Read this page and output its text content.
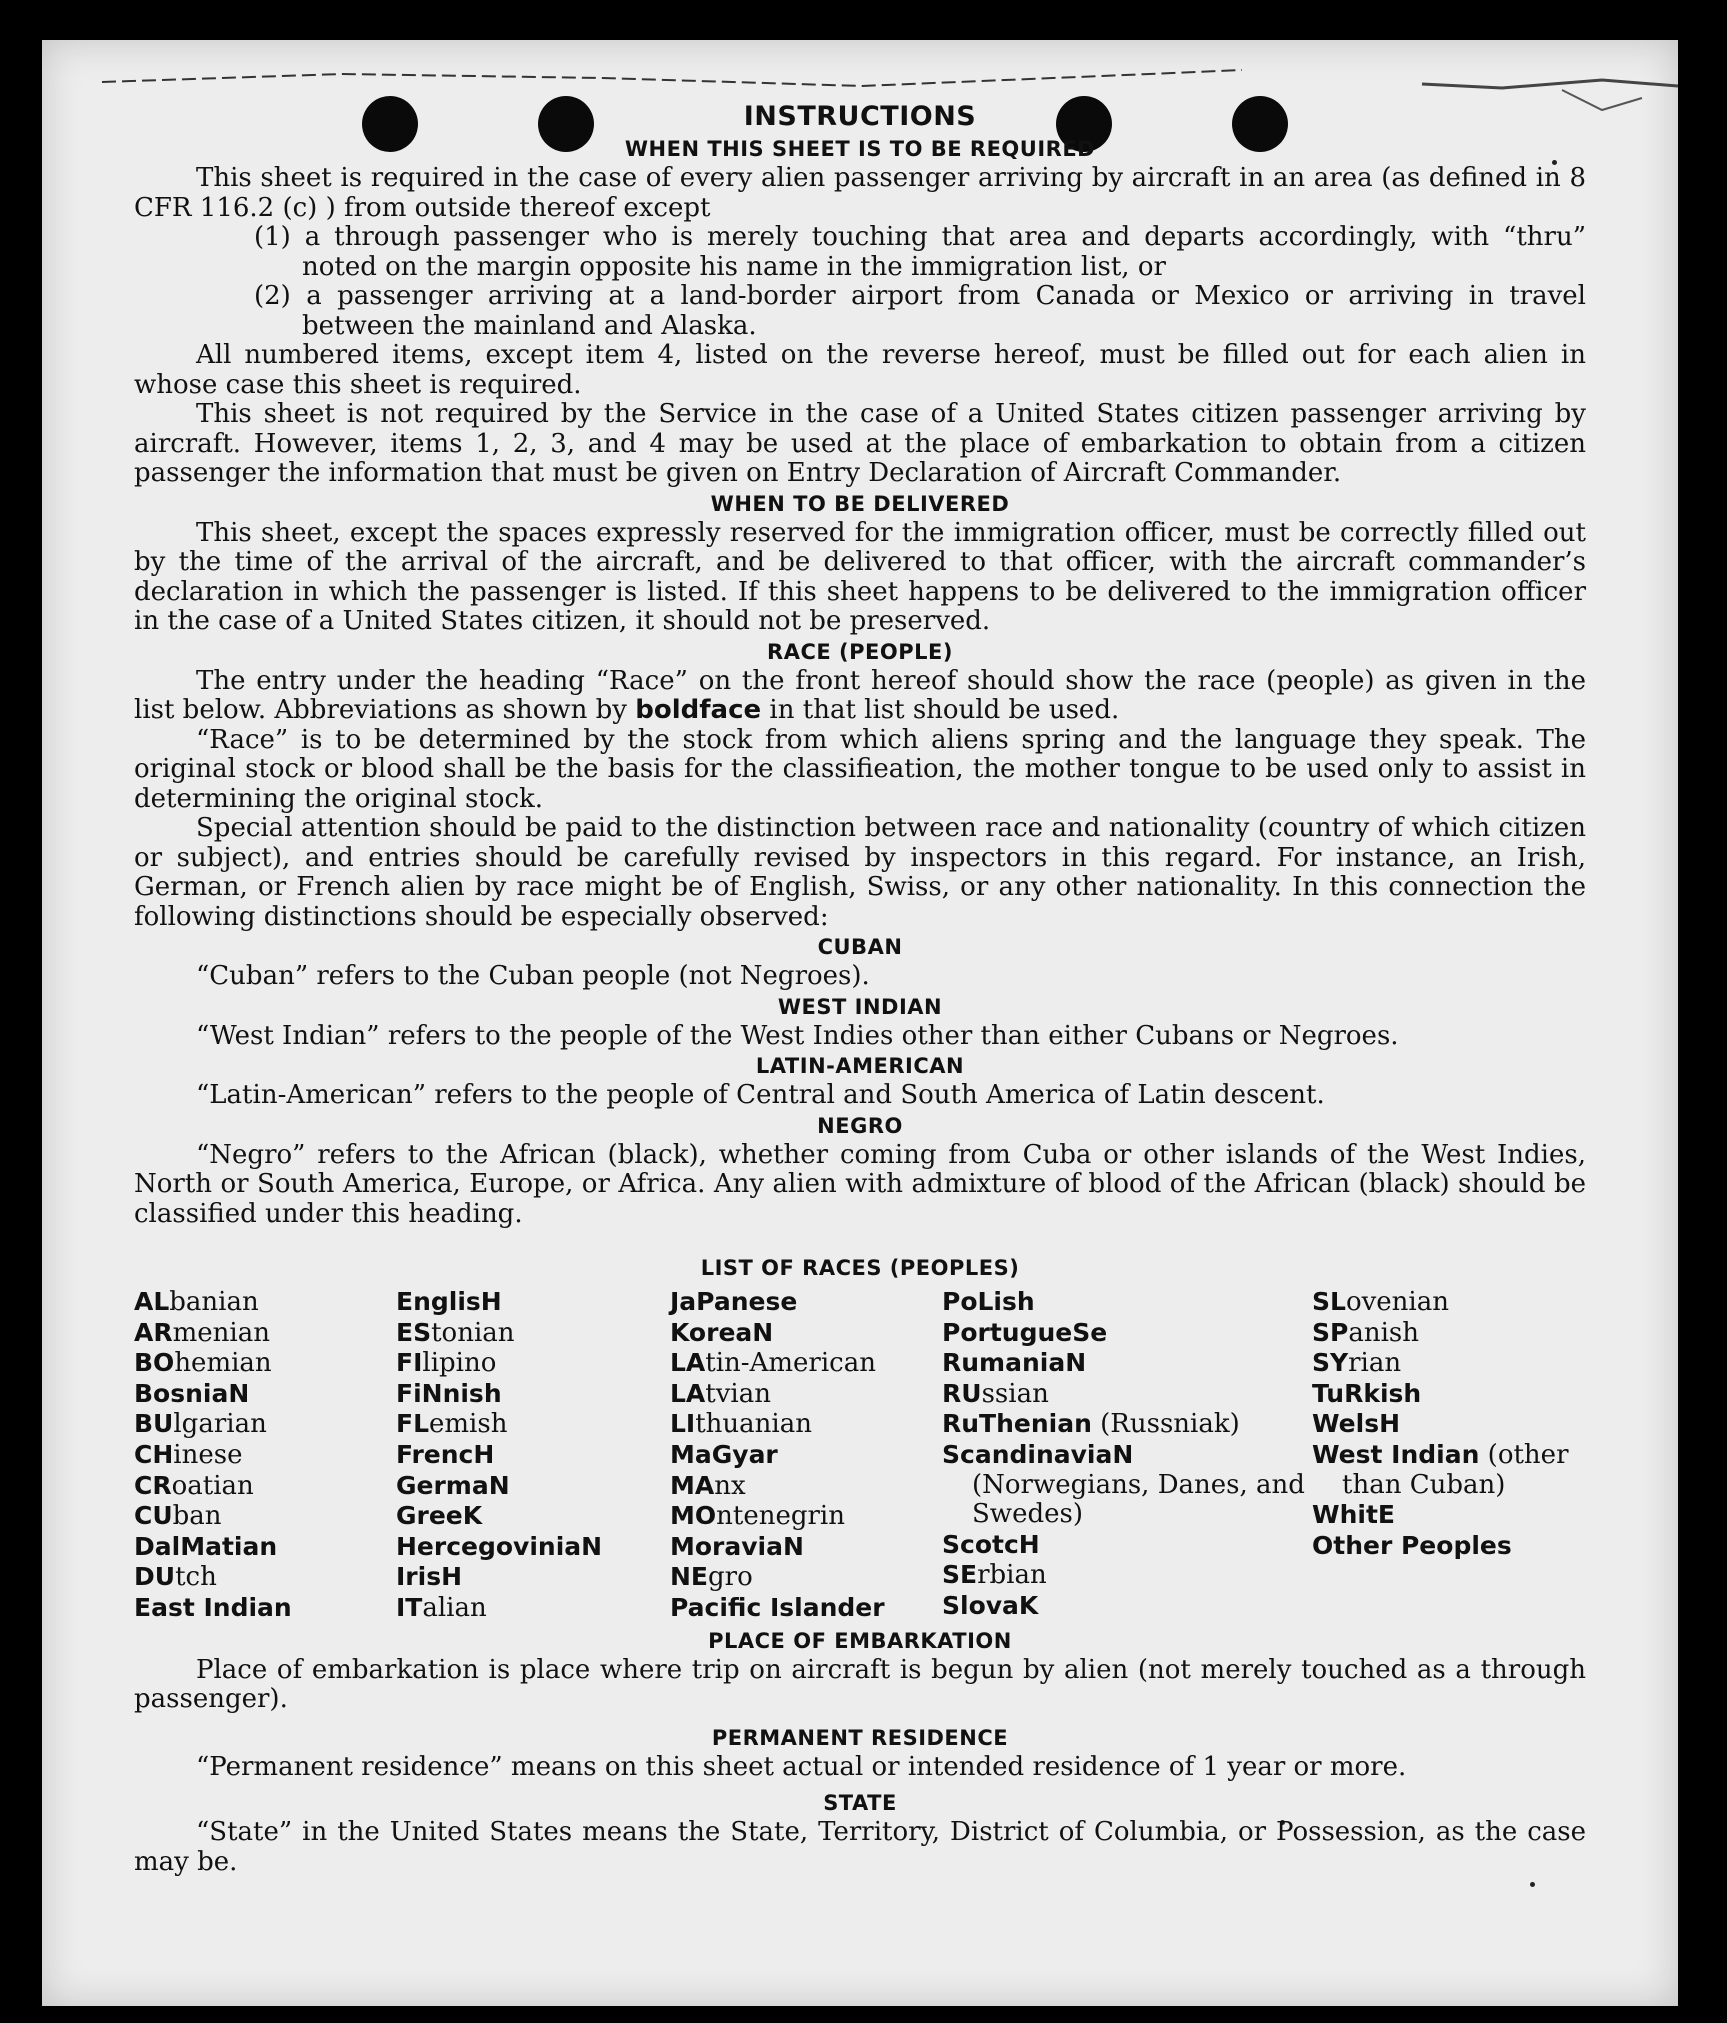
INSTRUCTIONS
WHEN THIS SHEET IS TO BE REQUIRED

This sheet is required in the case of every alien passenger arriving by aircraft in an area (as defined in 8 CFR 116.2 (c) ) from outside thereof except

(1) a through passenger who is merely touching that area and departs accordingly, with “thru” noted on the margin opposite his name in the immigration list, or
(2) a passenger arriving at a land-border airport from Canada or Mexico or arriving in travel between the mainland and Alaska.

All numbered items, except item 4, listed on the reverse hereof, must be filled out for each alien in whose case this sheet is required.

This sheet is not required by the Service in the case of a United States citizen passenger arriving by aircraft. However, items 1, 2, 3, and 4 may be used at the place of embarkation to obtain from a citizen passenger the information that must be given on Entry Declaration of Aircraft Commander.

WHEN TO BE DELIVERED

This sheet, except the spaces expressly reserved for the immigration officer, must be correctly filled out by the time of the arrival of the aircraft, and be delivered to that officer, with the aircraft commander’s declaration in which the passenger is listed. If this sheet happens to be delivered to the immigration officer in the case of a United States citizen, it should not be preserved.

RACE (PEOPLE)

The entry under the heading “Race” on the front hereof should show the race (people) as given in the list below. Abbreviations as shown by boldface in that list should be used.

“Race” is to be determined by the stock from which aliens spring and the language they speak. The original stock or blood shall be the basis for the classifieation, the mother tongue to be used only to assist in determining the original stock.

Special attention should be paid to the distinction between race and nationality (country of which citizen or subject), and entries should be carefully revised by inspectors in this regard. For instance, an Irish, German, or French alien by race might be of English, Swiss, or any other nationality. In this connection the following distinctions should be especially observed:

CUBAN

“Cuban” refers to the Cuban people (not Negroes).

WEST INDIAN

“West Indian” refers to the people of the West Indies other than either Cubans or Negroes.

LATIN-AMERICAN

“Latin-American” refers to the people of Central and South America of Latin descent.

NEGRO

“Negro” refers to the African (black), whether coming from Cuba or other islands of the West Indies, North or South America, Europe, or Africa. Any alien with admixture of blood of the African (black) should be classified under this heading.

LIST OF RACES (PEOPLES)
ALbanian
ARmenian
BOhemian
BosniaN
BUlgarian
CHinese
CRoatian
CUban
DalMatian
DUtch
East Indian
EnglisH
EStonian
FIlipino
FiNnish
FLemish
FrencH
GermaN
GreeK
HercegoviniaN
IrisH
ITalian
JaPanese
KoreaN
LAtin-American
LAtvian
LIthuanian
MaGyar
MAnx
MOntenegrin
MoraviaN
NEgro
Pacific Islander
PoLish
PortugueSe
RumaniaN
RUssian
RuThenian (Russniak)
ScandinaviaN (Norwegians, Danes, and Swedes)
ScotcH
SErbian
SlovaK
SLovenian
SPanish
SYrian
TuRkish
WelsH
West Indian (other than Cuban)
WhitE
Other Peoples
PLACE OF EMBARKATION

Place of embarkation is place where trip on aircraft is begun by alien (not merely touched as a through passenger).

PERMANENT RESIDENCE

“Permanent residence” means on this sheet actual or intended residence of 1 year or more.

STATE

“State” in the United States means the State, Territory, District of Columbia, or Possession, as the case may be.
